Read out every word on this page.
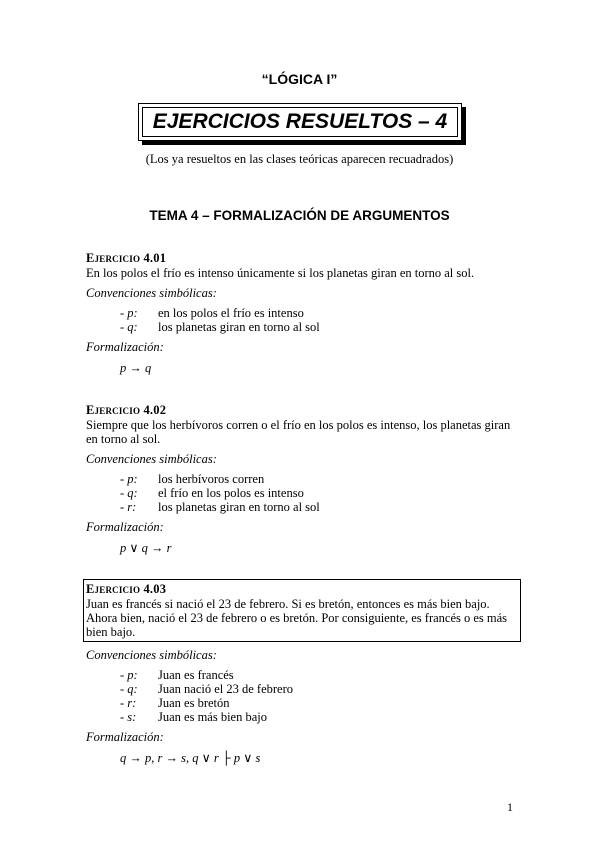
“LÓGICA I”
EJERCICIOS RESUELTOS – 4
(Los ya resueltos en las clases teóricas aparecen recuadrados)
TEMA 4 – FORMALIZACIÓN DE ARGUMENTOS
Ejercicio 4.01
En los polos el frío es intenso únicamente si los planetas giran en torno al sol.
Convenciones simbólicas:
- p:	en los polos el frío es intenso
- q:	los planetas giran en torno al sol
Formalización:
p → q
Ejercicio 4.02
Siempre que los herbívoros corren o el frío en los polos es intenso, los planetas giran en torno al sol.
Convenciones simbólicas:
- p:	los herbívoros corren
- q:	el frío en los polos es intenso
- r:	los planetas giran en torno al sol
Formalización:
p ∨ q → r
Ejercicio 4.03
Juan es francés si nació el 23 de febrero. Si es bretón, entonces es más bien bajo. Ahora bien, nació el 23 de febrero o es bretón. Por consiguiente, es francés o es más bien bajo.
Convenciones simbólicas:
- p:	Juan es francés
- q:	Juan nació el 23 de febrero
- r:	Juan es bretón
- s:	Juan es más bien bajo
Formalización:
q → p, r → s, q ∨ r ├ p ∨ s
1
